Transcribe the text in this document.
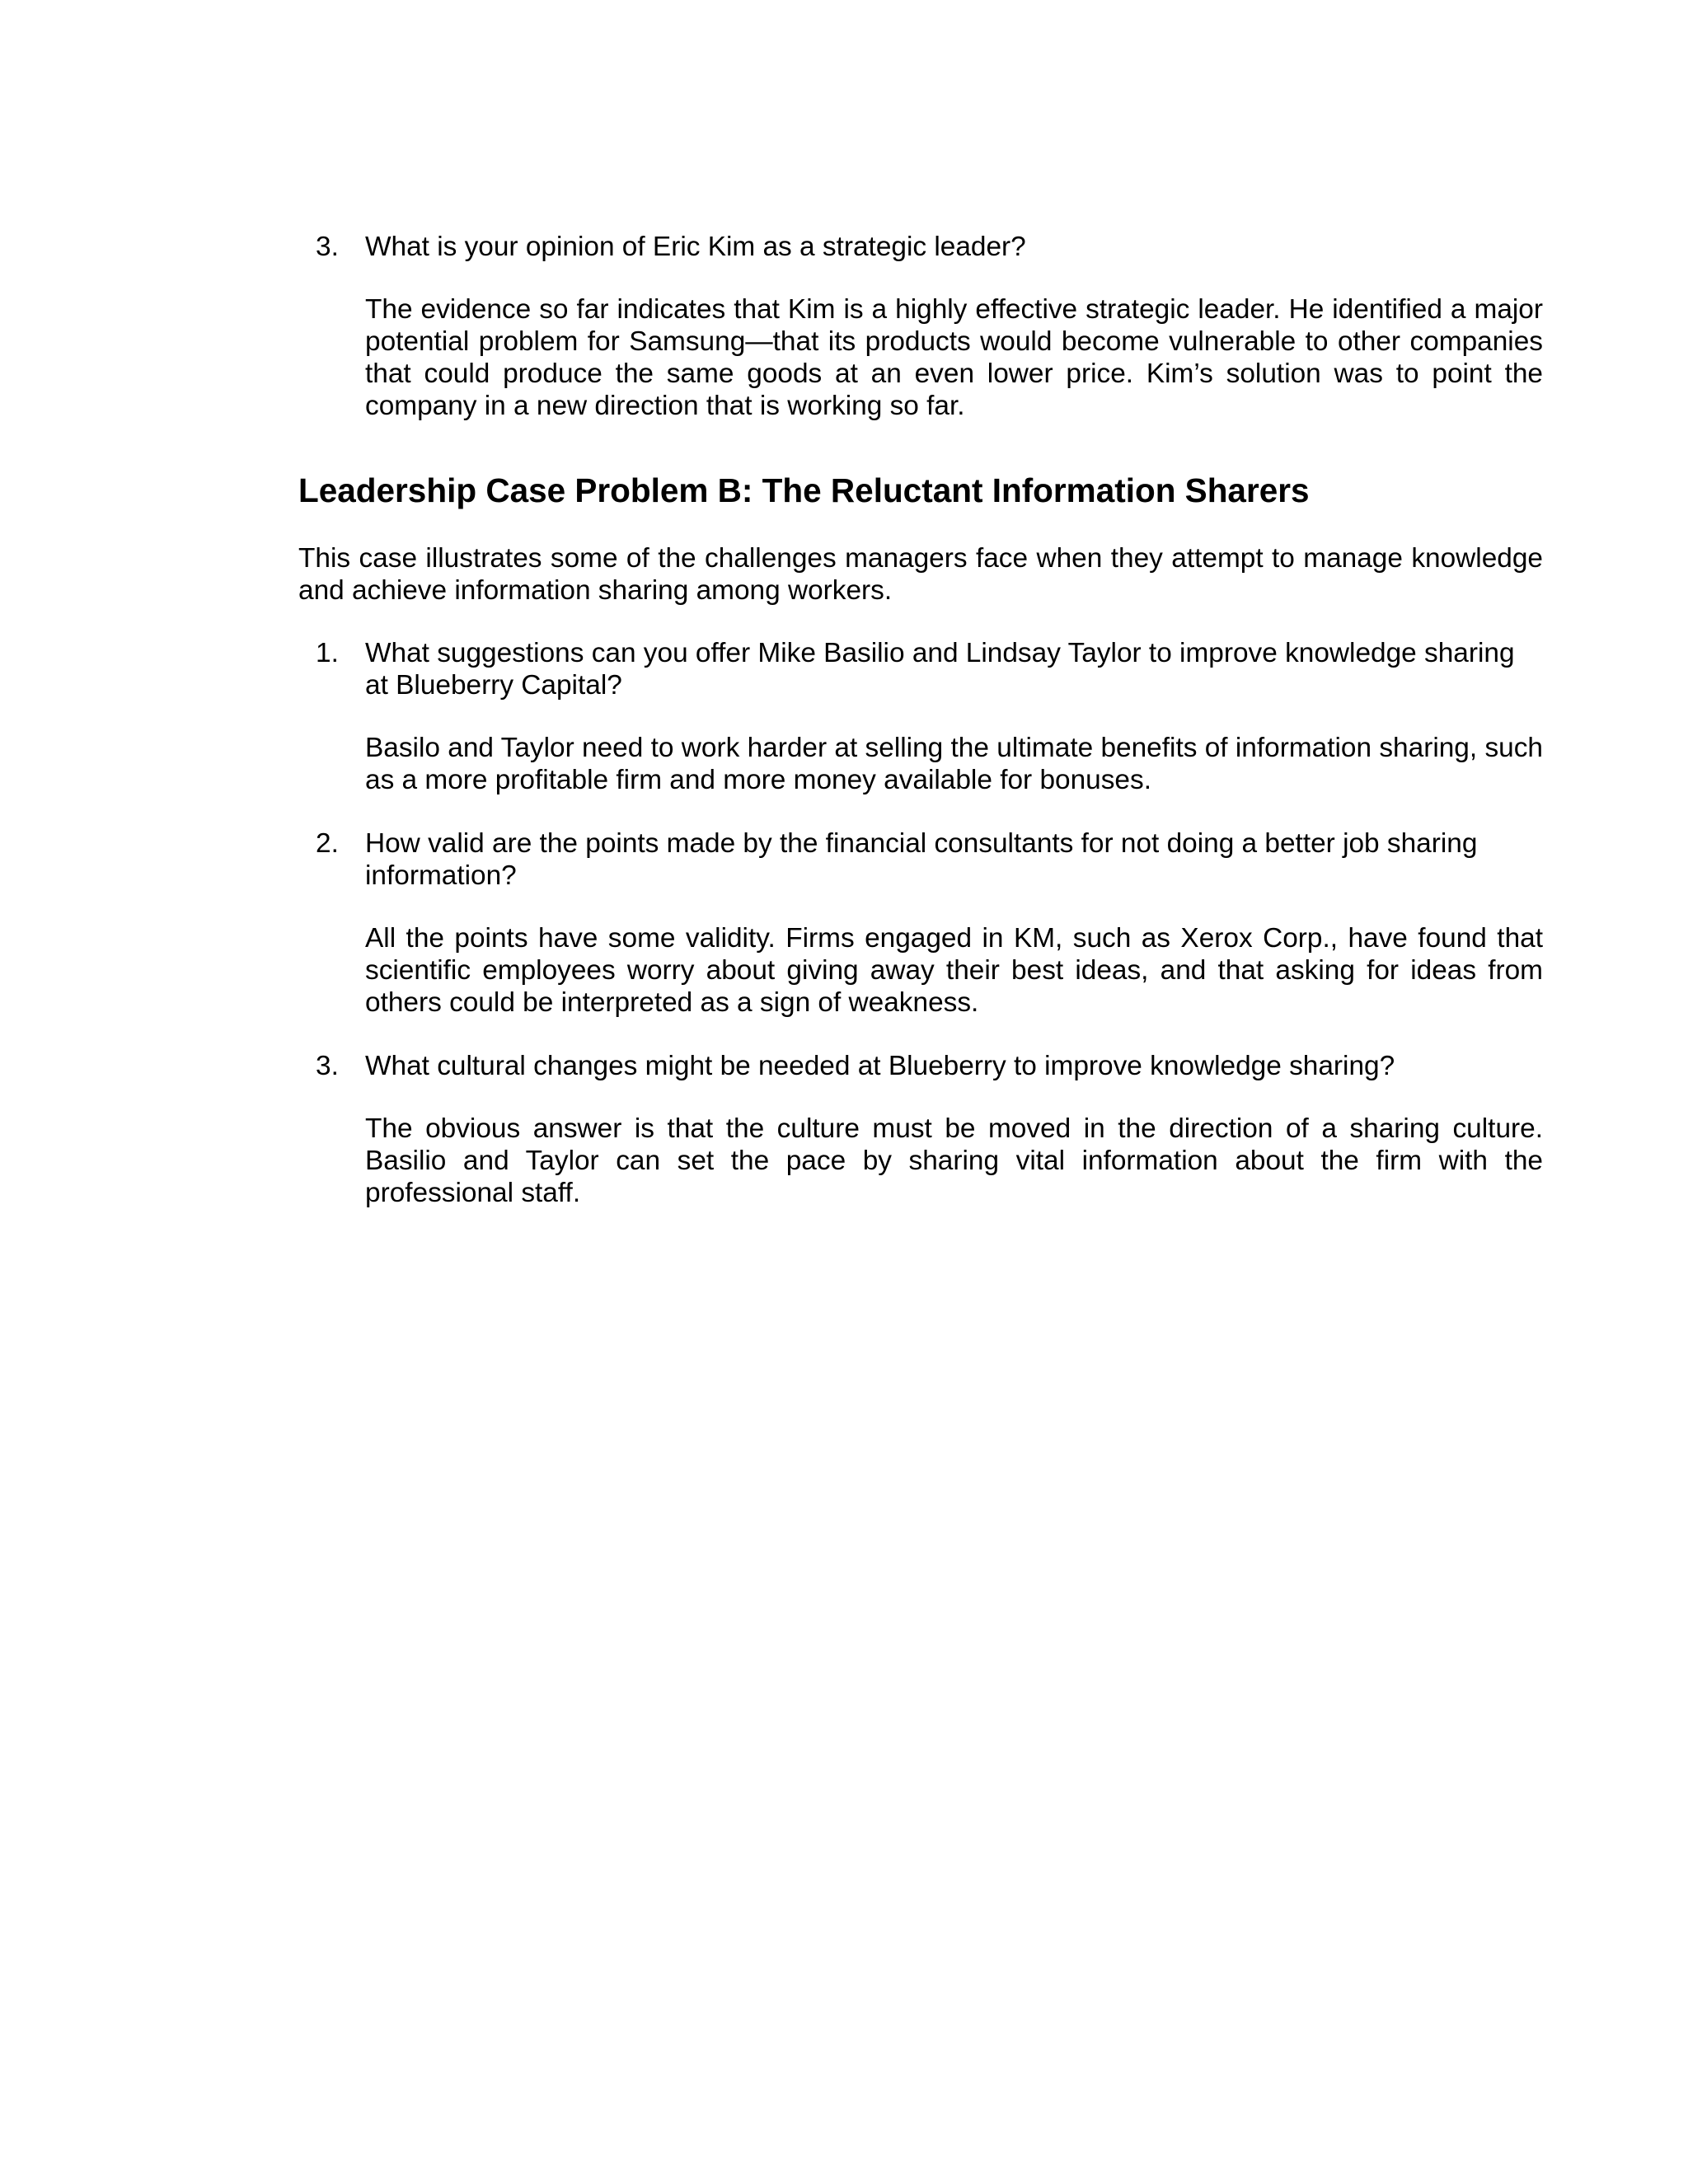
3. What is your opinion of Eric Kim as a strategic leader?

The evidence so far indicates that Kim is a highly effective strategic leader. He identified a major potential problem for Samsung—that its products would become vulnerable to other companies that could produce the same goods at an even lower price. Kim’s solution was to point the company in a new direction that is working so far.

Leadership Case Problem B: The Reluctant Information Sharers

This case illustrates some of the challenges managers face when they attempt to manage knowledge and achieve information sharing among workers.

1. What suggestions can you offer Mike Basilio and Lindsay Taylor to improve knowledge sharing at Blueberry Capital?

Basilo and Taylor need to work harder at selling the ultimate benefits of information sharing, such as a more profitable firm and more money available for bonuses.

2. How valid are the points made by the financial consultants for not doing a better job sharing information?

All the points have some validity. Firms engaged in KM, such as Xerox Corp., have found that scientific employees worry about giving away their best ideas, and that asking for ideas from others could be interpreted as a sign of weakness.

3. What cultural changes might be needed at Blueberry to improve knowledge sharing?

The obvious answer is that the culture must be moved in the direction of a sharing culture. Basilio and Taylor can set the pace by sharing vital information about the firm with the professional staff.
